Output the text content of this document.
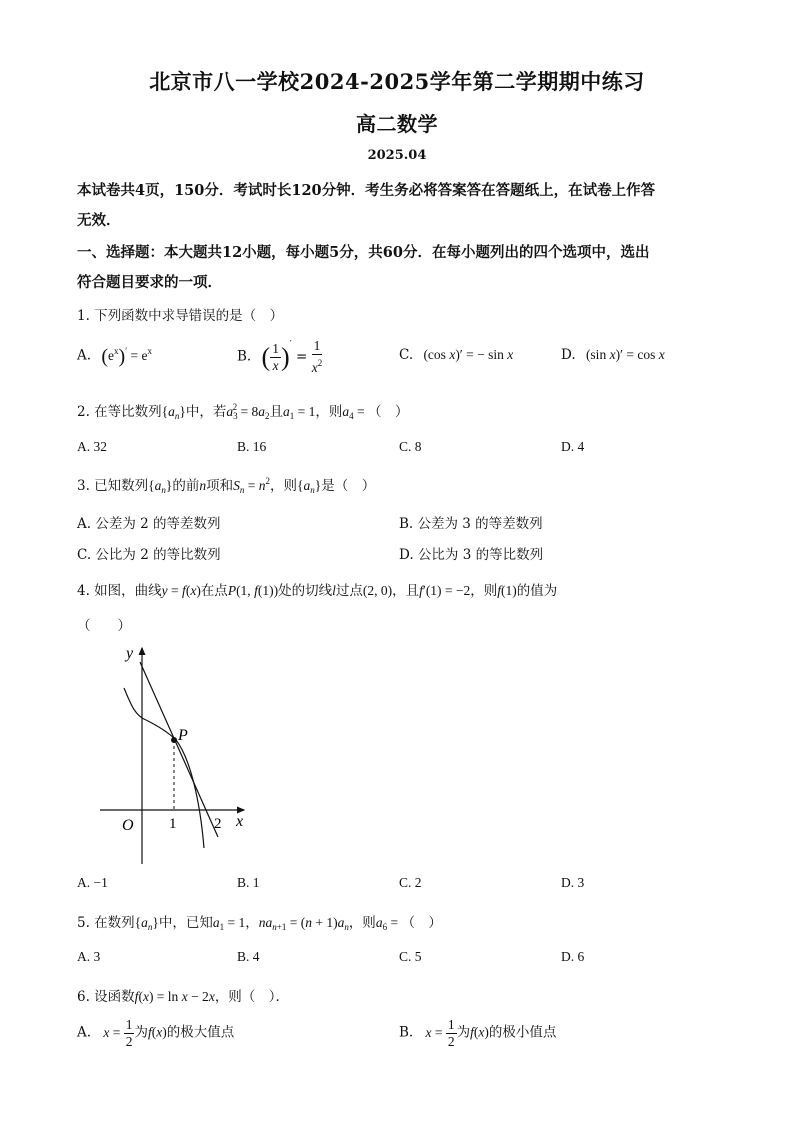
北京市八一学校2024-2025学年第二学期期中练习
高二数学
2025.04
本试卷共4页，150分．考试时长120分钟．考生务必将答案答在答题纸上，在试卷上作答
无效．
一、选择题：本大题共12小题，每小题5分，共60分．在每小题列出的四个选项中，选出
符合题目要求的一项．
1. 下列函数中求导错误的是（　）
A. $(e^x)' = e^x$	B. ( $\frac{1}{x} )' = \frac{1}{x^2}$	C. (cos x)′ = − sin x	D. (sin x)′ = cos x
2. 在等比数列$\{a_n\}$中，若$a_3^2 = 8a_2$且$a_1 = 1$，则$a_4$ = （　）
A. 32	B. 16	C. 8	D. 4
3. 已知数列$\{a_n\}$的前n项和$S_n = n^2$，则$\{a_n\}$是（　）
A. 公差为 2 的等差数列	B. 公差为 3 的等差数列
C. 公比为 2 的等比数列	D. 公比为 3 的等比数列
4. 如图，曲线y = f(x)在点P(1, f(1))处的切线l过点(2, 0)，且f′(1) = −2，则f(1)的值为
（　　）
y
x
O 1	2
P
A. −1	B. 1	C. 2	D. 3
5. 在数列$\{a_n\}$中，已知$a_1 = 1$，$na_{n+1} = (n + 1)a_n$，则$a_6$ = （　）
A. 3	B. 4	C. 5	D. 6
6. 设函数f(x) = ln x − 2x，则（　）．
A. $x = \frac{1}{2}$ 为f(x)的极大值点	B. $x = \frac{1}{2}$ 为f(x)的极小值点
